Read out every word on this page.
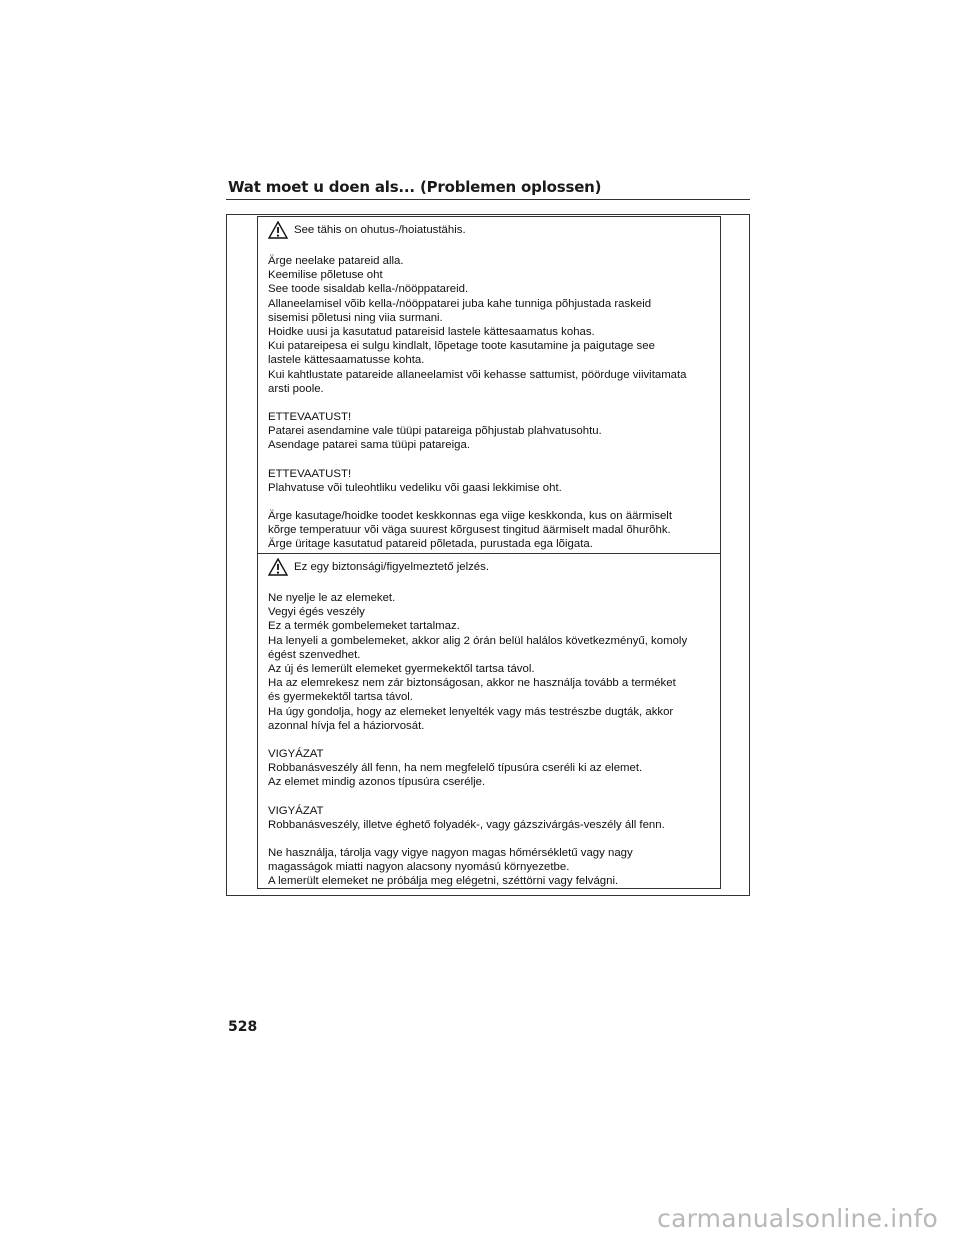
Wat moet u doen als... (Problemen oplossen)
See tähis on ohutus-/hoiatustähis.
Ärge neelake patareid alla.
Keemilise põletuse oht
See toode sisaldab kella-/nööppatareid.
Allaneelamisel võib kella-/nööppatarei juba kahe tunniga põhjustada raskeid
sisemisi põletusi ning viia surmani.
Hoidke uusi ja kasutatud patareisid lastele kättesaamatus kohas.
Kui patareipesa ei sulgu kindlalt, lõpetage toote kasutamine ja paigutage see
lastele kättesaamatusse kohta.
Kui kahtlustate patareide allaneelamist või kehasse sattumist, pöörduge viivitamata
arsti poole.
ETTEVAATUST!
Patarei asendamine vale tüüpi patareiga põhjustab plahvatusohtu.
Asendage patarei sama tüüpi patareiga.
ETTEVAATUST!
Plahvatuse või tuleohtliku vedeliku või gaasi lekkimise oht.
Ärge kasutage/hoidke toodet keskkonnas ega viige keskkonda, kus on äärmiselt
kõrge temperatuur või väga suurest kõrgusest tingitud äärmiselt madal õhurõhk.
Ärge üritage kasutatud patareid põletada, purustada ega lõigata.
Ez egy biztonsági/figyelmeztető jelzés.
Ne nyelje le az elemeket.
Vegyi égés veszély
Ez a termék gombelemeket tartalmaz.
Ha lenyeli a gombelemeket, akkor alig 2 órán belül halálos következményű, komoly
égést szenvedhet.
Az új és lemerült elemeket gyermekektől tartsa távol.
Ha az elemrekesz nem zár biztonságosan, akkor ne használja tovább a terméket
és gyermekektől tartsa távol.
Ha úgy gondolja, hogy az elemeket lenyelték vagy más testrészbe dugták, akkor
azonnal hívja fel a háziorvosát.
VIGYÁZAT
Robbanásveszély áll fenn, ha nem megfelelő típusúra cseréli ki az elemet.
Az elemet mindig azonos típusúra cserélje.
VIGYÁZAT
Robbanásveszély, illetve éghető folyadék-, vagy gázszivárgás-veszély áll fenn.
Ne használja, tárolja vagy vigye nagyon magas hőmérsékletű vagy nagy
magasságok miatti nagyon alacsony nyomású környezetbe.
A lemerült elemeket ne próbálja meg elégetni, széttörni vagy felvágni.
528
carmanualsonline.info
